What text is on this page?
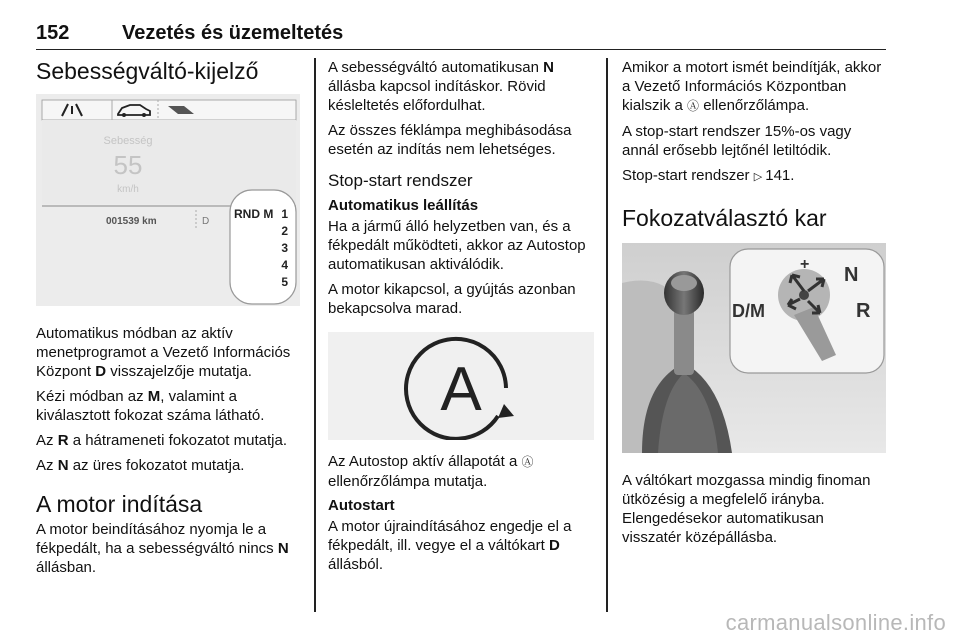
152	Vezetés és üzemeltetés
Sebességváltó-kijelző
Sebesség
55
km/h
001539 km	D
RND M 1
2
3
4
5

Automatikus módban az aktív menetprogramot a Vezető Információs Központ D visszajelzője mutatja.

Kézi módban az M, valamint a kiválasztott fokozat száma látható.

Az R a hátrameneti fokozatot mutatja.

Az N az üres fokozatot mutatja.

A motor indítása

A motor beindításához nyomja le a fékpedált, ha a sebességváltó nincs N állásban.

A sebességváltó automatikusan N állásba kapcsol indításkor. Rövid késleltetés előfordulhat.

Az összes féklámpa meghibásodása esetén az indítás nem lehetséges.

Stop-start rendszer
Automatikus leállítás

Ha a jármű álló helyzetben van, és a fékpedált működteti, akkor az Autostop automatikusan aktiválódik.

A motor kikapcsol, a gyújtás azonban bekapcsolva marad.

A

Az Autostop aktív állapotát a Ⓐ ellenőrzőlámpa mutatja.

Autostart

A motor újraindításához engedje el a fékpedált, ill. vegye el a váltókart D állásból.

Amikor a motort ismét beindítják, akkor a Vezető Információs Központban kialszik a Ⓐ ellenőrzőlámpa.

A stop-start rendszer 15%-os vagy annál erősebb lejtőnél letiltódik.

Stop-start rendszer ▷ 141.

Fokozatválasztó kar
+ N
D/M	R

A váltókart mozgassa mindig finoman ütközésig a megfelelő irányba. Elengedésekor automatikusan visszatér középállásba.

carmanualsonline.info
